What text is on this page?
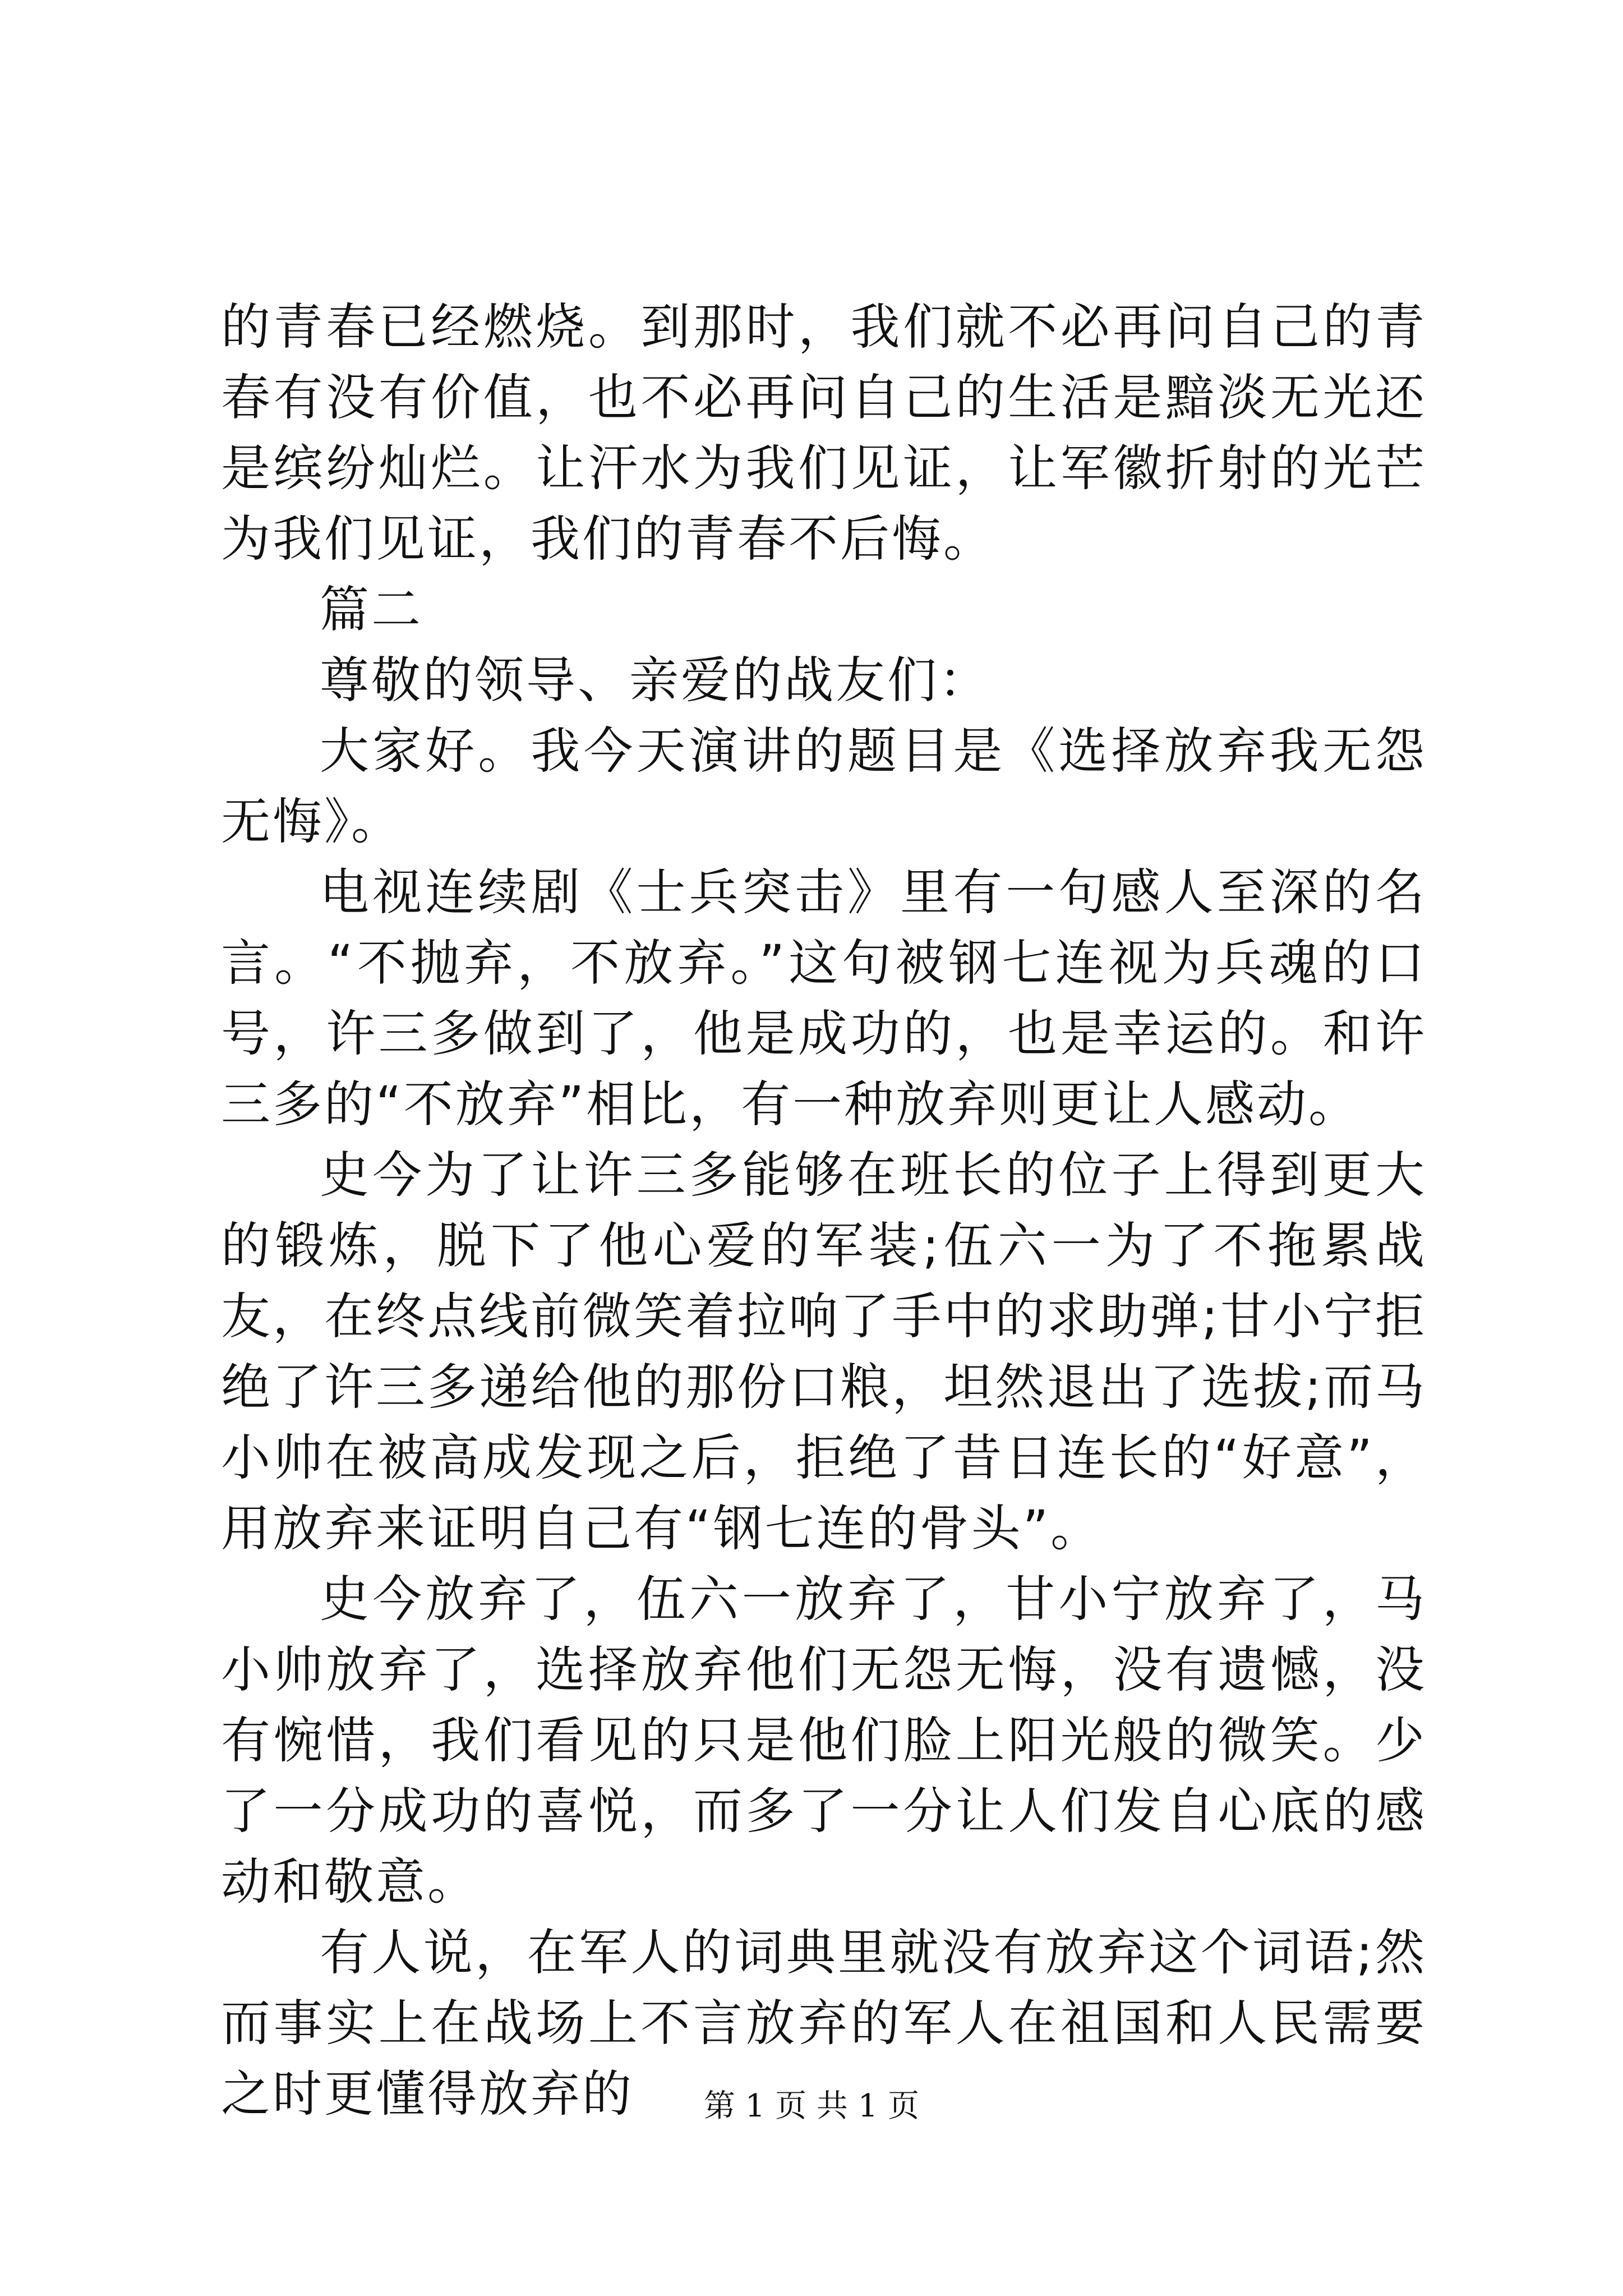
的青春已经燃烧。到那时，我们就不必再问自己的青春有没有价值，也不必再问自己的生活是黯淡无光还是缤纷灿烂。让汗水为我们见证，让军徽折射的光芒为我们见证，我们的青春不后悔。

篇二

尊敬的领导、亲爱的战友们：

大家好。我今天演讲的题目是《选择放弃我无怨无悔》。

电视连续剧《士兵突击》里有一句感人至深的名言。“不抛弃，不放弃。”这句被钢七连视为兵魂的口号，许三多做到了，他是成功的，也是幸运的。和许三多的“不放弃”相比，有一种放弃则更让人感动。

史今为了让许三多能够在班长的位子上得到更大的锻炼，脱下了他心爱的军装;伍六一为了不拖累战友，在终点线前微笑着拉响了手中的求助弹;甘小宁拒绝了许三多递给他的那份口粮，坦然退出了选拔;而马小帅在被高成发现之后，拒绝了昔日连长的“好意”，用放弃来证明自己有“钢七连的骨头”。

史今放弃了，伍六一放弃了，甘小宁放弃了，马小帅放弃了，选择放弃他们无怨无悔，没有遗憾，没有惋惜，我们看见的只是他们脸上阳光般的微笑。少了一分成功的喜悦，而多了一分让人们发自心底的感动和敬意。

有人说，在军人的词典里就没有放弃这个词语;然而事实上在战场上不言放弃的军人在祖国和人民需要之时更懂得放弃的	第 1 页 共 1 页
